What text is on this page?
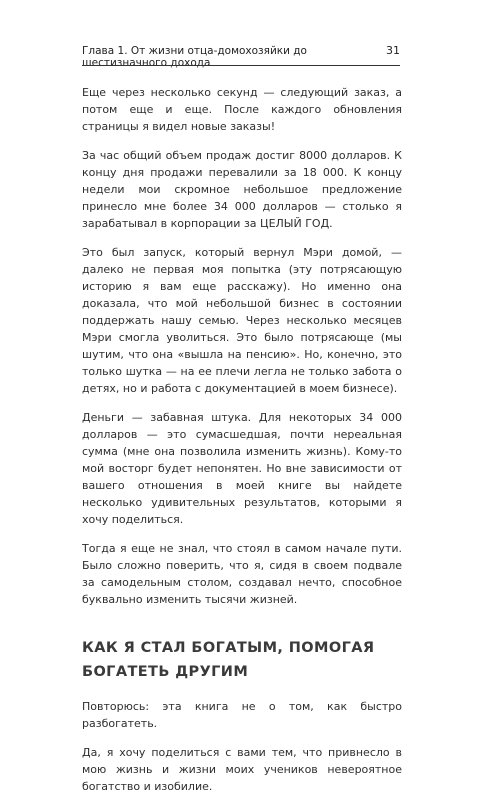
Глава 1. От жизни отца-домохозяйки до шестизначного дохода
31

Еще через несколько секунд — следующий заказ, а потом еще и еще. После каждого обновления страницы я видел новые заказы!

За час общий объем продаж достиг 8000 долларов. К концу дня продажи перевалили за 18 000. К концу недели мои скромное небольшое предложение принесло мне более 34 000 долларов — столько я зарабатывал в корпорации за ЦЕЛЫЙ ГОД.

Это был запуск, который вернул Мэри домой, — далеко не первая моя попытка (эту потрясающую историю я вам еще расскажу). Но именно она доказала, что мой небольшой бизнес в состоянии поддержать нашу семью. Через несколько месяцев Мэри смогла уволиться. Это было потрясающе (мы шутим, что она «вышла на пенсию». Но, конечно, это только шутка — на ее плечи легла не только забота о детях, но и работа с документацией в моем бизнесе).

Деньги — забавная штука. Для некоторых 34 000 долларов — это сумасшедшая, почти нереальная сумма (мне она позволила изменить жизнь). Кому-то мой восторг будет непонятен. Но вне зависимости от вашего отношения в моей книге вы найдете несколько удивительных результатов, которыми я хочу поделиться.

Тогда я еще не знал, что стоял в самом начале пути. Было сложно поверить, что я, сидя в своем подвале за самодельным столом, создавал нечто, способное буквально изменить тысячи жизней.

КАК Я СТАЛ БОГАТЫМ, ПОМОГАЯ
БОГАТЕТЬ ДРУГИМ

Повторюсь: эта книга не о том, как быстро разбогатеть.

Да, я хочу поделиться с вами тем, что привнесло в мою жизнь и жизни моих учеников невероятное богатство и изобилие.
